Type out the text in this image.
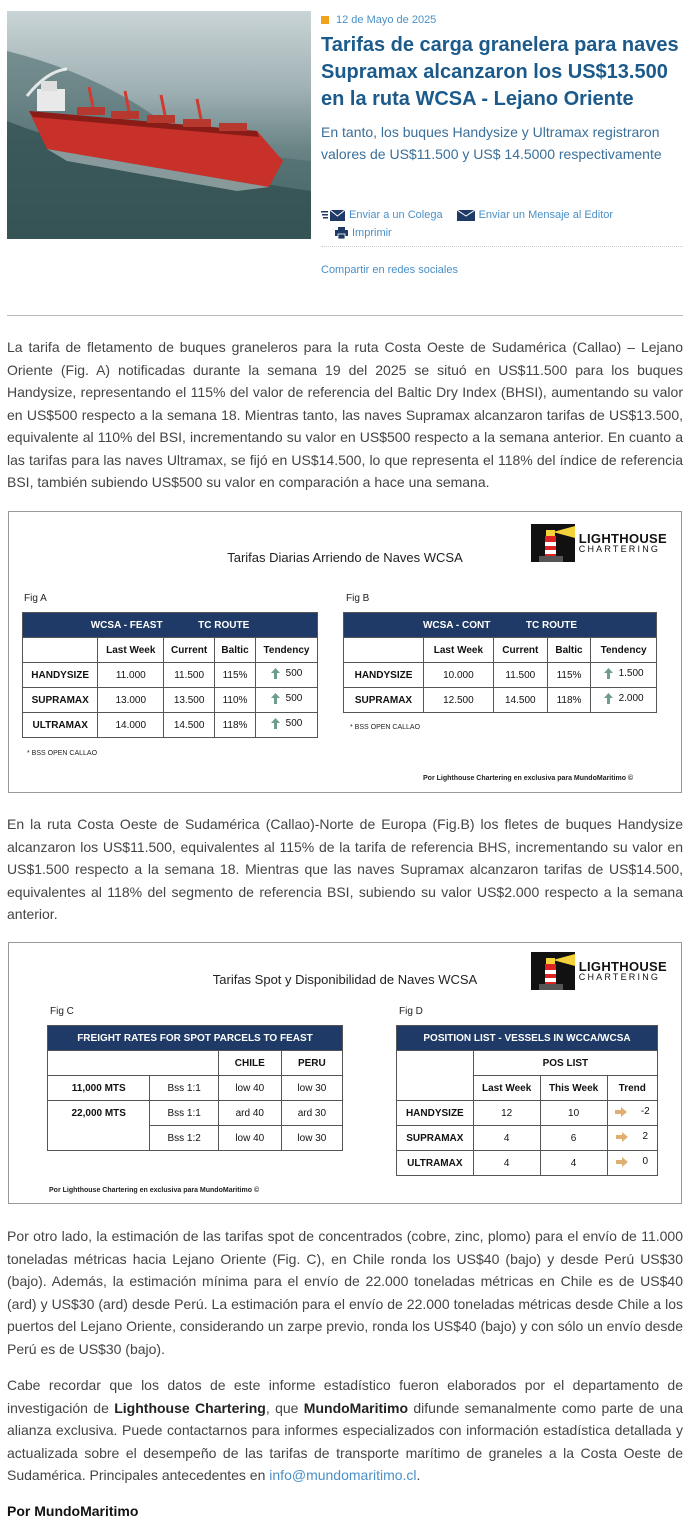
12 de Mayo de 2025
Tarifas de carga granelera para naves Supramax alcanzaron los US$13.500 en la ruta WCSA - Lejano Oriente
En tanto, los buques Handysize y Ultramax registraron valores de US$11.500 y US$ 14.5000 respectivamente
Enviar a un Colega	Enviar un Mensaje al Editor
Imprimir
Compartir en redes sociales
La tarifa de fletamento de buques graneleros para la ruta Costa Oeste de Sudamérica (Callao) – Lejano Oriente (Fig. A) notificadas durante la semana 19 del 2025 se situó en US$11.500 para los buques Handysize, representando el 115% del valor de referencia del Baltic Dry Index (BHSI), aumentando su valor en US$500 respecto a la semana 18. Mientras tanto, las naves Supramax alcanzaron tarifas de US$13.500, equivalente al 110% del BSI, incrementando su valor en US$500 respecto a la semana anterior. En cuanto a las tarifas para las naves Ultramax, se fijó en US$14.500, lo que representa el 118% del índice de referencia BSI, también subiendo US$500 su valor en comparación a hace una semana.
Tarifas Diarias Arriendo de Naves WCSA
LIGHTHOUSE
CHARTERING
Fig A
WCSA - FEAST TC ROUTE				
	Last Week	Current	Baltic	Tendency
HANDYSIZE	11.000	11.500	115%	500

SUPRAMAX	13.000	13.500	110%	500

ULTRAMAX	14.000	14.500	118%	500
* BSS OPEN CALLAO
Fig B
WCSA - CONT TC ROUTE				
	Last Week	Current	Baltic	Tendency
HANDYSIZE	10.000	11.500	115%	1.500

SUPRAMAX	12.500	14.500	118%	2.000
* BSS OPEN CALLAO
Por Lighthouse Chartering en exclusiva para MundoMaritimo ©
En la ruta Costa Oeste de Sudamérica (Callao)-Norte de Europa (Fig.B) los fletes de buques Handysize alcanzaron los US$11.500, equivalentes al 115% de la tarifa de referencia BHS, incrementando su valor en US$1.500 respecto a la semana 18. Mientras que las naves Supramax alcanzaron tarifas de US$14.500, equivalentes al 118% del segmento de referencia BSI, subiendo su valor US$2.000 respecto a la semana anterior.
Tarifas Spot y Disponibilidad de Naves WCSA
LIGHTHOUSE
CHARTERING
Fig C
FREIGHT RATES FOR SPOT PARCELS TO FEAST			
		CHILE	PERU
11,000 MTS	Bss 1:1	low 40	low 30
22,000 MTS	Bss 1:1	ard 40	ard 30
	Bss 1:2	low 40	low 30
Fig D
POSITION LIST - VESSELS IN WCCA/WCSA			
	POS LIST		
	Last Week	This Week	Trend
HANDYSIZE	12	10	-2

SUPRAMAX	4	6	2

ULTRAMAX	4	4	0
Por Lighthouse Chartering en exclusiva para MundoMaritimo ©
Por otro lado, la estimación de las tarifas spot de concentrados (cobre, zinc, plomo) para el envío de 11.000 toneladas métricas hacia Lejano Oriente (Fig. C), en Chile ronda los US$40 (bajo) y desde Perú US$30 (bajo). Además, la estimación mínima para el envío de 22.000 toneladas métricas en Chile es de US$40 (ard) y US$30 (ard) desde Perú. La estimación para el envío de 22.000 toneladas métricas desde Chile a los puertos del Lejano Oriente, considerando un zarpe previo, ronda los US$40 (bajo) y con sólo un envío desde Perú es de US$30 (bajo).
Cabe recordar que los datos de este informe estadístico fueron elaborados por el departamento de investigación de Lighthouse Chartering, que MundoMaritimo difunde semanalmente como parte de una alianza exclusiva. Puede contactarnos para informes especializados con información estadística detallada y actualizada sobre el desempeño de las tarifas de transporte marítimo de graneles a la Costa Oeste de Sudamérica. Principales antecedentes en info@mundomaritimo.cl.
Por MundoMaritimo
